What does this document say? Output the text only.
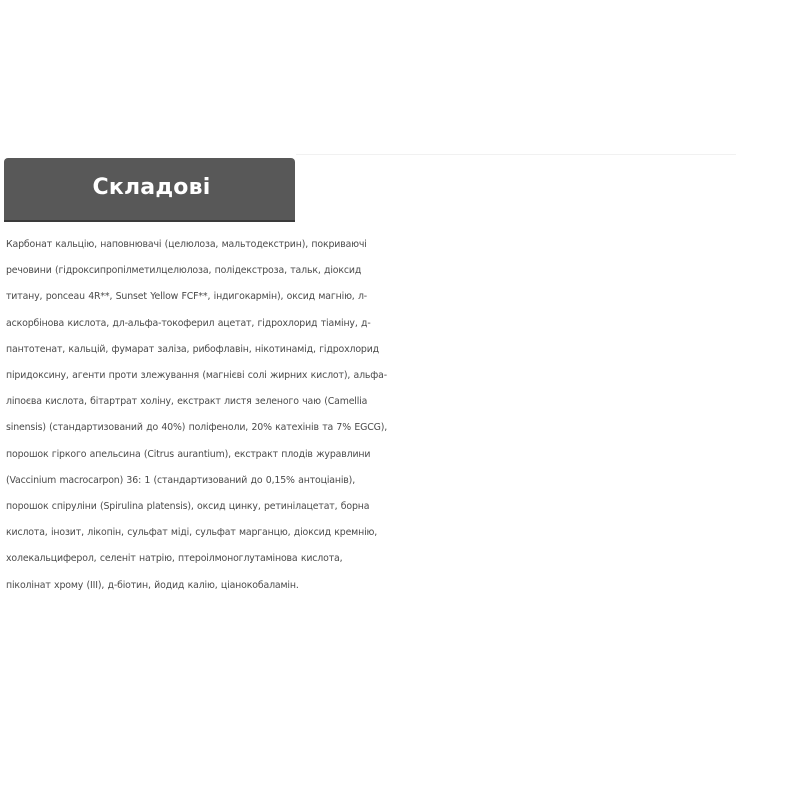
Складові

Карбонат кальцію, наповнювачі (целюлоза, мальтодекстрин), покриваючі
речовини (гідроксипропілметилцелюлоза, полідекстроза, тальк, діоксид
титану, ponceau 4R**, Sunset Yellow FCF**, індигокармін), оксид магнію, л-
аскорбінова кислота, дл-альфа-токоферил ацетат, гідрохлорид тіаміну, д-
пантотенат, кальцій, фумарат заліза, рибофлавін, нікотинамід, гідрохлорид
піридоксину, агенти проти злежування (магнієві солі жирних кислот), альфа-
ліпоєва кислота, бітартрат холіну, екстракт листя зеленого чаю (Camellia
sinensis) (стандартизований до 40%) поліфеноли, 20% катехінів та 7% EGCG),
порошок гіркого апельсина (Citrus aurantium), екстракт плодів журавлини
(Vaccinium macrocarpon) 36: 1 (стандартизований до 0,15% антоціанів),
порошок спіруліни (Spirulina platensis), оксид цинку, ретинілацетат, борна
кислота, інозит, лікопін, сульфат міді, сульфат марганцю, діоксид кремнію,
холекальциферол, селеніт натрію, птероілмоноглутамінова кислота,
піколінат хрому (III), д-біотин, йодид калію, ціанокобаламін.
